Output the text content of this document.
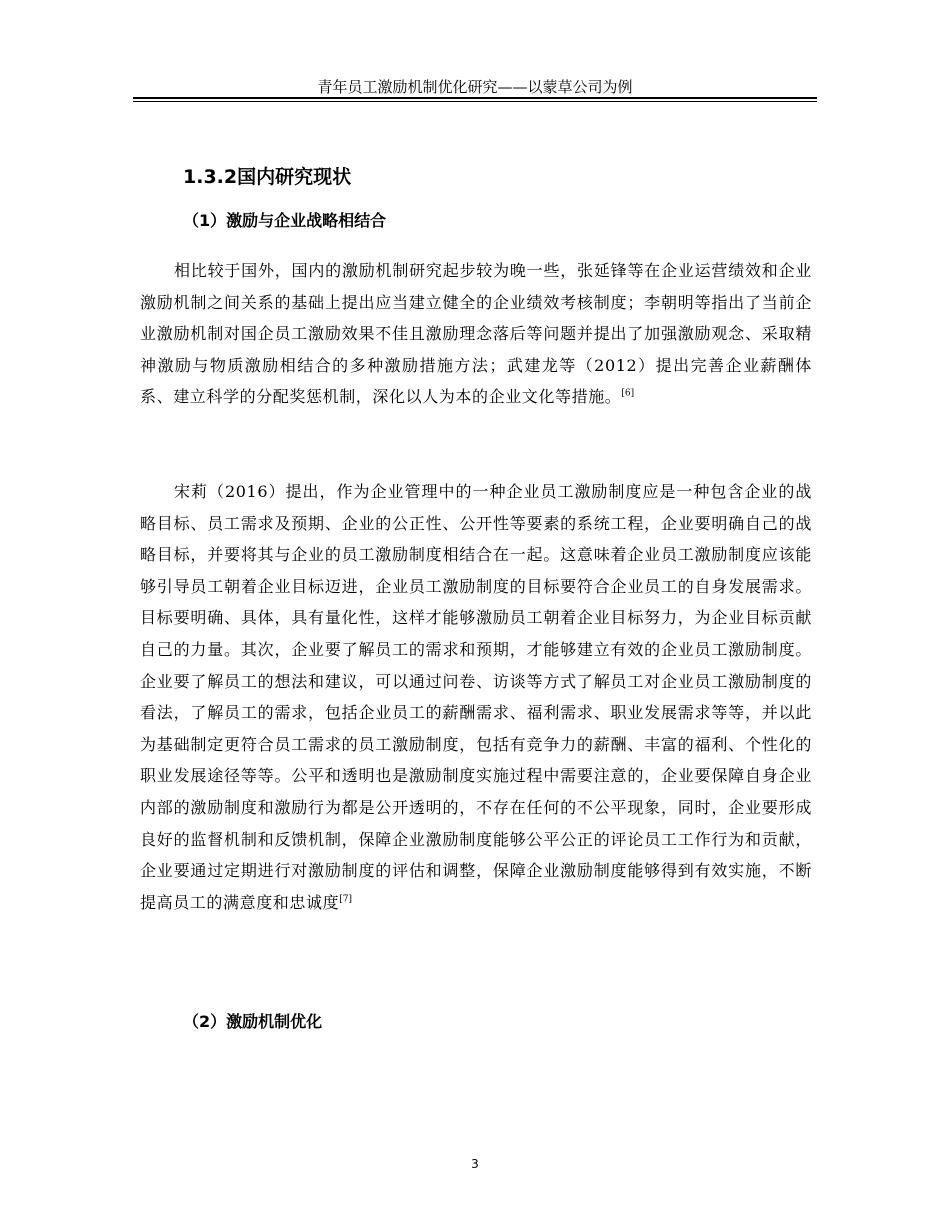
青年员工激励机制优化研究——以蒙草公司为例
1.3.2国内研究现状
（1）激励与企业战略相结合

相比较于国外，国内的激励机制研究起步较为晚一些，张延锋等在企业运营绩效和企业激励机制之间关系的基础上提出应当建立健全的企业绩效考核制度；李朝明等指出了当前企业激励机制对国企员工激励效果不佳且激励理念落后等问题并提出了加强激励观念、采取精神激励与物质激励相结合的多种激励措施方法；武建龙等（2012）提出完善企业薪酬体系、建立科学的分配奖惩机制，深化以人为本的企业文化等措施。[6]

宋莉（2016）提出，作为企业管理中的一种企业员工激励制度应是一种包含企业的战略目标、员工需求及预期、企业的公正性、公开性等要素的系统工程，企业要明确自己的战略目标，并要将其与企业的员工激励制度相结合在一起。这意味着企业员工激励制度应该能够引导员工朝着企业目标迈进，企业员工激励制度的目标要符合企业员工的自身发展需求。目标要明确、具体，具有量化性，这样才能够激励员工朝着企业目标努力，为企业目标贡献自己的力量。其次，企业要了解员工的需求和预期，才能够建立有效的企业员工激励制度。企业要了解员工的想法和建议，可以通过问卷、访谈等方式了解员工对企业员工激励制度的看法，了解员工的需求，包括企业员工的薪酬需求、福利需求、职业发展需求等等，并以此为基础制定更符合员工需求的员工激励制度，包括有竞争力的薪酬、丰富的福利、个性化的职业发展途径等等。公平和透明也是激励制度实施过程中需要注意的，企业要保障自身企业内部的激励制度和激励行为都是公开透明的，不存在任何的不公平现象，同时，企业要形成良好的监督机制和反馈机制，保障企业激励制度能够公平公正的评论员工工作行为和贡献，企业要通过定期进行对激励制度的评估和调整，保障企业激励制度能够得到有效实施，不断提高员工的满意度和忠诚度[7]

（2）激励机制优化
3
